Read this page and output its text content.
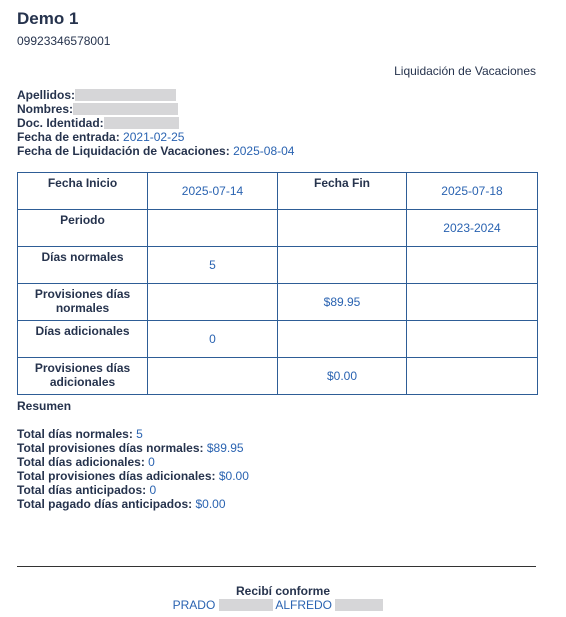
Demo 1
09923346578001
Liquidación de Vacaciones
Apellidos:
Nombres:
Doc. Identidad:
Fecha de entrada: 2021-02-25
Fecha de Liquidación de Vacaciones: 2025-08-04
Fecha Inicio	2025-07-14	Fecha Fin	2025-07-18
Periodo			2023-2024
Días normales	5		
Provisiones días
normales		$89.95	
Días adicionales	0		
Provisiones días
adicionales		$0.00	
Resumen
Total días normales: 5
Total provisiones días normales: $89.95
Total días adicionales: 0
Total provisiones días adicionales: $0.00
Total días anticipados: 0
Total pagado días anticipados: $0.00
Recibí conforme
PRADO	ALFREDO
